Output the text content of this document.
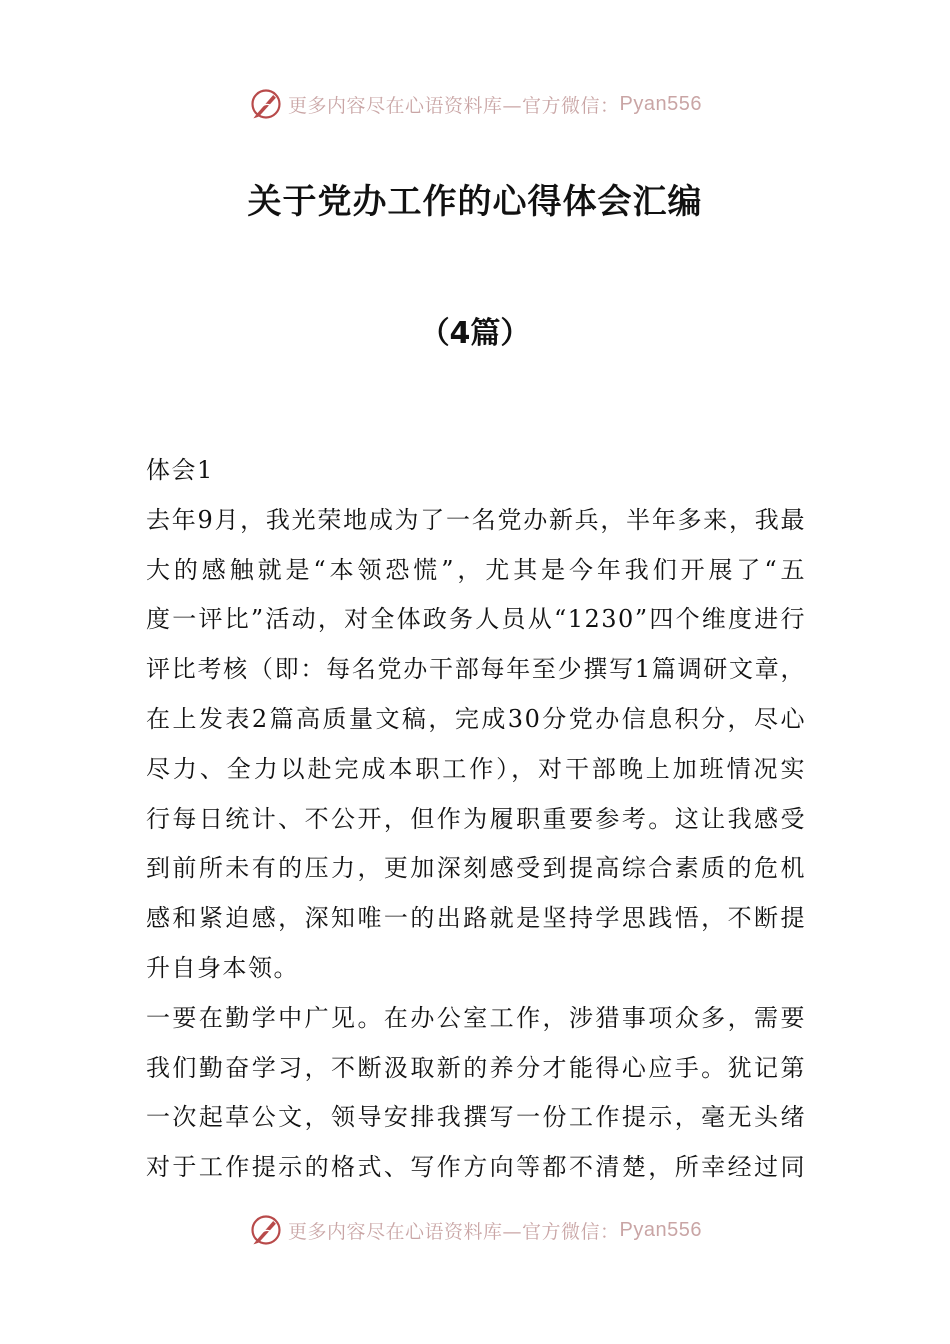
更多内容尽在心语资料库—官方微信： Pyan556
关于党办工作的心得体会汇编
（4篇）
体会1
去年9月，我光荣地成为了一名党办新兵，半年多来，我最
大的感触就是“本领恐慌”，尤其是今年我们开展了“五
度一评比”活动，对全体政务人员从“1230”四个维度进行
评比考核（即：每名党办干部每年至少撰写1篇调研文章，
在上发表2篇高质量文稿，完成30分党办信息积分，尽心
尽力、全力以赴完成本职工作），对干部晚上加班情况实
行每日统计、不公开，但作为履职重要参考。这让我感受
到前所未有的压力，更加深刻感受到提高综合素质的危机
感和紧迫感，深知唯一的出路就是坚持学思践悟，不断提
升自身本领。
一要在勤学中广见。在办公室工作，涉猎事项众多，需要
我们勤奋学习，不断汲取新的养分才能得心应手。犹记第
一次起草公文，领导安排我撰写一份工作提示，毫无头绪
对于工作提示的格式、写作方向等都不清楚，所幸经过同
更多内容尽在心语资料库—官方微信： Pyan556
